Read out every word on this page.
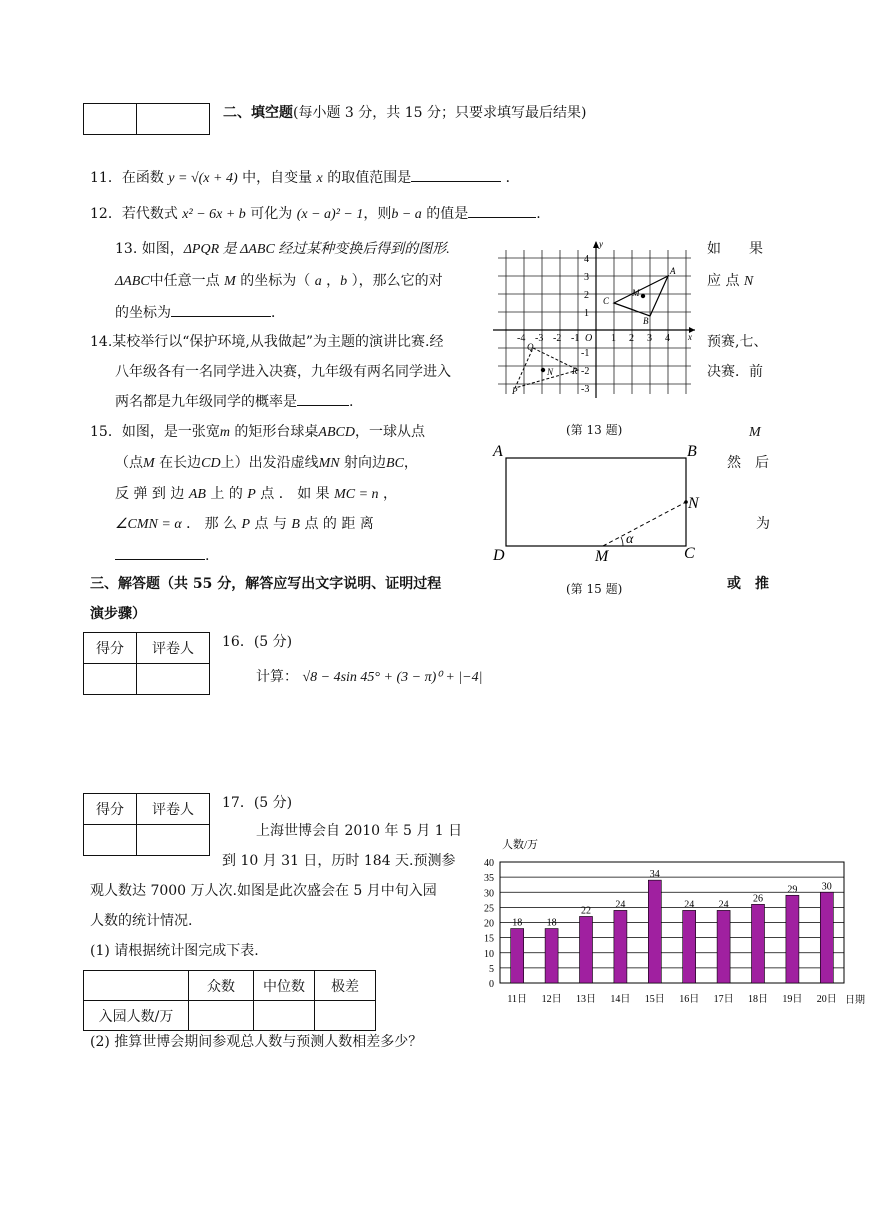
二、填空题(每小题 3 分，共 15 分；只要求填写最后结果)
11．在函数 y = √(x + 4) 中，自变量 x 的取值范围是	．
12．若代数式 x² − 6x + b 可化为 (x − a)² − 1，则b − a 的值是	.
13. 如图，ΔPQR 是 ΔABC 经过某种变换后得到的图形.	如　　果
ΔABC中任意一点 M 的坐标为（ a ，b ），那么它的对	应 点 N
的坐标为	．
y
x
O
-4 -3 -2 -1	1 2 3 4
4
3
2
1
-1
-2
-3
A
B
C
M
Q
R
P
N
(第 13 题)
14.某校举行以“保护环境,从我做起”为主题的演讲比赛.经	预赛,七、
八年级各有一名同学进入决赛，九年级有两名同学进入	决赛．前
两名都是九年级同学的概率是	.
15．如图，是一张宽m 的矩形台球桌ABCD，一球从点	M
（点M 在长边CD上）出发沿虚线MN 射向边BC，	然　后
反 弹 到 边 AB 上 的 P 点 ． 如 果 MC = n ，
∠CMN = α ． 那 么 P 点 与 B 点 的 距 离	为
.
A	B
C
D	M
N
α
(第 15 题)
三、解答题（共 55 分，解答应写出文字说明、证明过程	或　推
演步骤）
得分	评卷人
	16．(5 分)
计算： √8 − 4sin 45° + (3 − π)⁰ + |−4|
得分	评卷人
	17．(5 分)
上海世博会自 2010 年 5 月 1 日
到 10 月 31 日，历时 184 天.预测参
观人数达 7000 万人次.如图是此次盛会在 5 月中旬入园
人数的统计情况.
(1) 请根据统计图完成下表.
	众数	中位数	极差
入园人数/万			
(2) 推算世博会期间参观总人数与预测人数相差多少？
人数/万
日期
0
5
10
15
20
25
30
35
40
18
11日
18
12日
22
13日
24
14日
34
15日
24
16日
24
17日
26
18日
29
19日
30
20日
